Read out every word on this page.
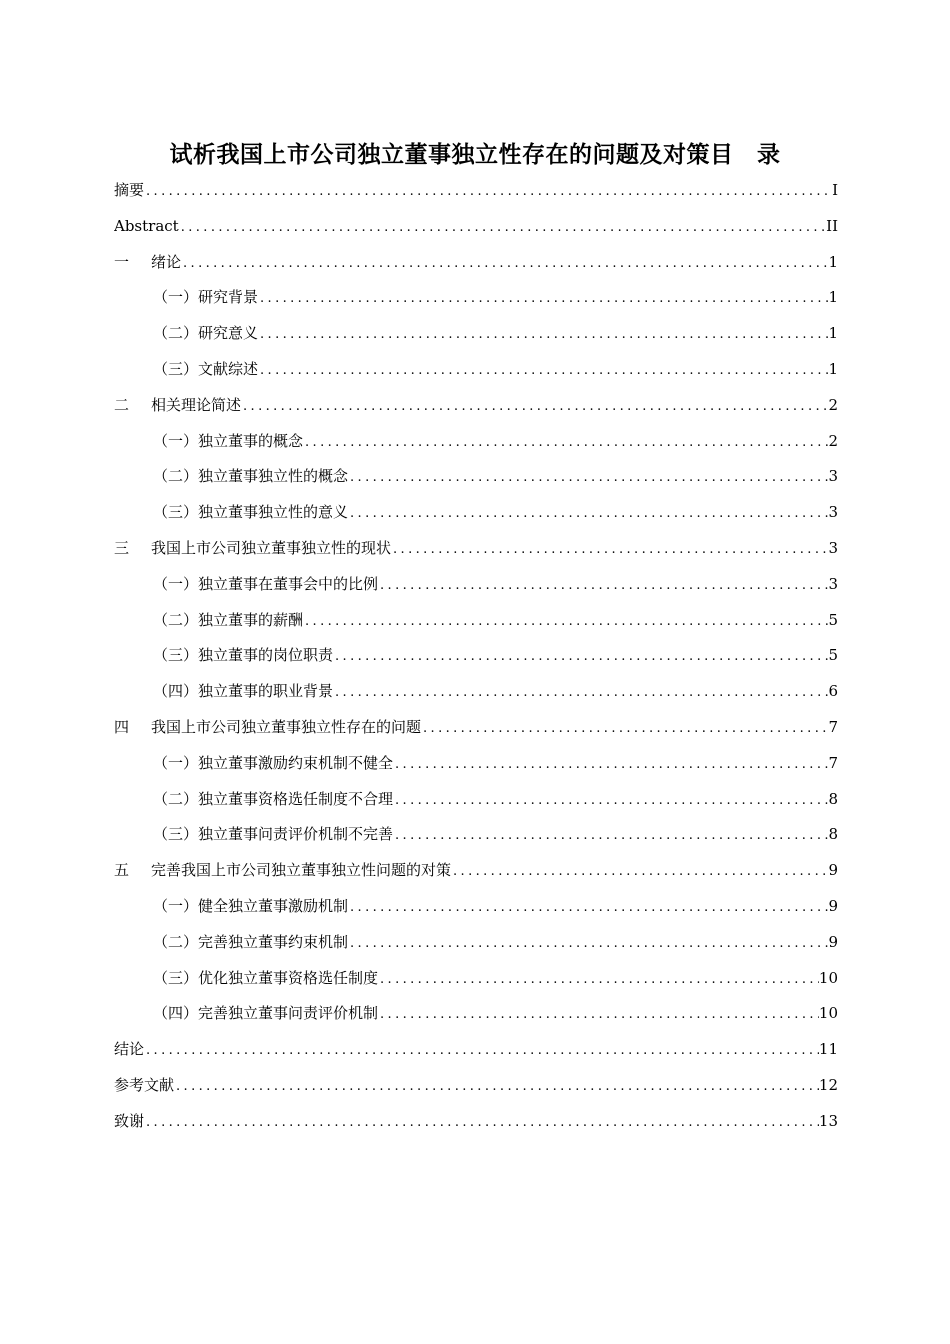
试析我国上市公司独立董事独立性存在的问题及对策目　录
摘要 .....	I
Abstract .....	II
一	绪论 .....	1
（一）研究背景 .....	1
（二）研究意义 .....	1
（三）文献综述 .....	1
二	相关理论简述 .....	2
（一）独立董事的概念 .....	2
（二）独立董事独立性的概念 .....	3
（三）独立董事独立性的意义 .....	3
三	我国上市公司独立董事独立性的现状 .....	3
（一）独立董事在董事会中的比例 .....	3
（二）独立董事的薪酬 .....	5
（三）独立董事的岗位职责 .....	5
（四）独立董事的职业背景 .....	6
四	我国上市公司独立董事独立性存在的问题 .....	7
（一）独立董事激励约束机制不健全 .....	7
（二）独立董事资格选任制度不合理 .....	8
（三）独立董事问责评价机制不完善 .....	8
五	完善我国上市公司独立董事独立性问题的对策 .....	9
（一）健全独立董事激励机制 .....	9
（二）完善独立董事约束机制 .....	9
（三）优化独立董事资格选任制度 .....	10
（四）完善独立董事问责评价机制 .....	10
结论 .....	11
参考文献 .....	12
致谢 .....	13
